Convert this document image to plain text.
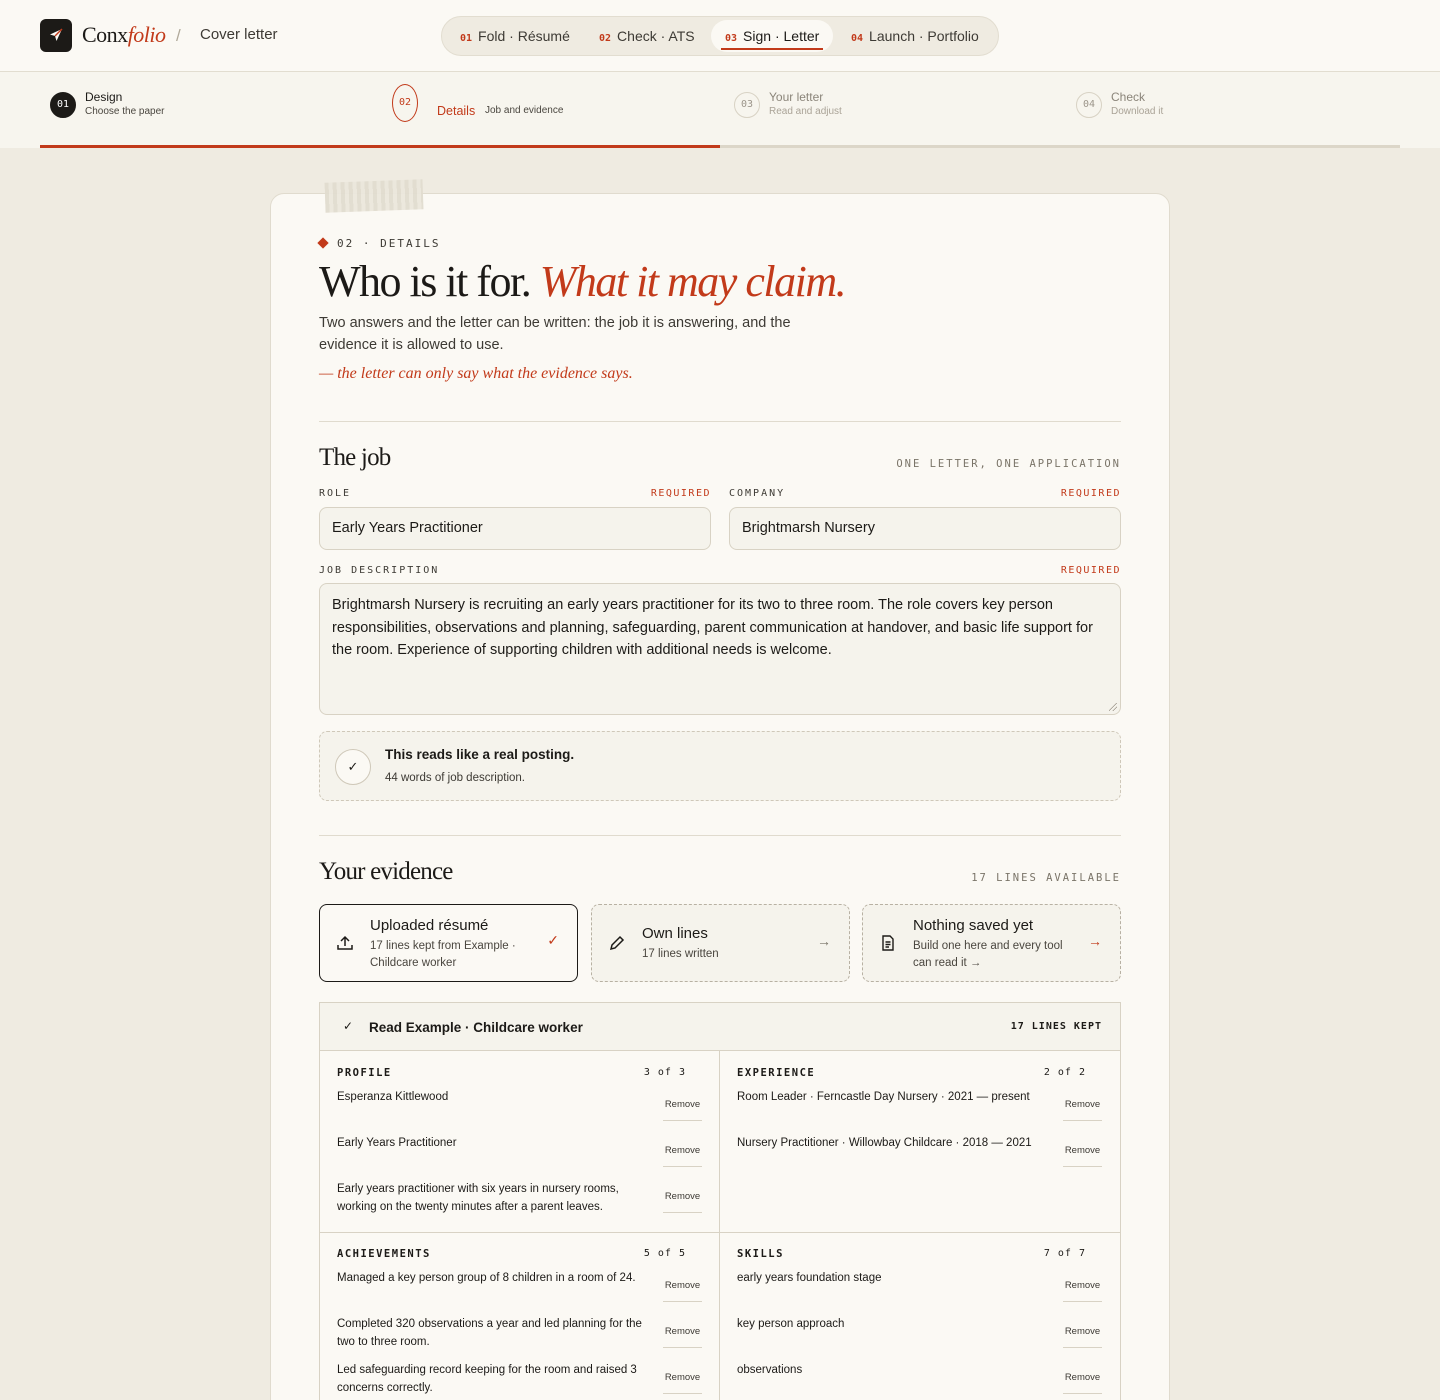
Conxfolio / Cover letter	01 Fold · Résumé	02 Check · ATS	03 Sign · Letter	04 Launch · Portfolio
01
Design
Choose the paper
02
Details Job and evidence
03
Your letter
Read and adjust
04
Check
Download it
02 · DETAILS
Who is it for. What it may claim.
Two answers and the letter can be written: the job it is answering, and the evidence it is allowed to use.
— the letter can only say what the evidence says.
The job	ONE LETTER, ONE APPLICATION
ROLE	REQUIRED
Early Years Practitioner
COMPANY	REQUIRED
Brightmarsh Nursery
JOB DESCRIPTION	REQUIRED
Brightmarsh Nursery is recruiting an early years practitioner for its two to three room. The role covers key person responsibilities, observations and planning, safeguarding, parent communication at handover, and basic life support for the room. Experience of supporting children with additional needs is welcome.
✓
This reads like a real posting.
44 words of job description.
Your evidence	17 LINES AVAILABLE
Uploaded résumé
17 lines kept from Example · Childcare worker
✓	Own lines
17 lines written
→
Nothing saved yet
Build one here and every tool can read it →
→
✓ Read Example · Childcare worker	17 LINES KEPT
PROFILE	3 of 3
Esperanza Kittlewood
Remove
Early Years Practitioner
Remove
Early years practitioner with six years in nursery rooms, working on the twenty minutes after a parent leaves.
Remove
EXPERIENCE	2 of 2
Room Leader · Ferncastle Day Nursery · 2021 — present
Remove
Nursery Practitioner · Willowbay Childcare · 2018 — 2021
Remove
ACHIEVEMENTS	5 of 5
Managed a key person group of 8 children in a room of 24.
Remove
Completed 320 observations a year and led planning for the two to three room.
Remove
Led safeguarding record keeping for the room and raised 3 concerns correctly.
Remove
SKILLS	7 of 7
early years foundation stage
Remove
key person approach
Remove
observations
Remove
